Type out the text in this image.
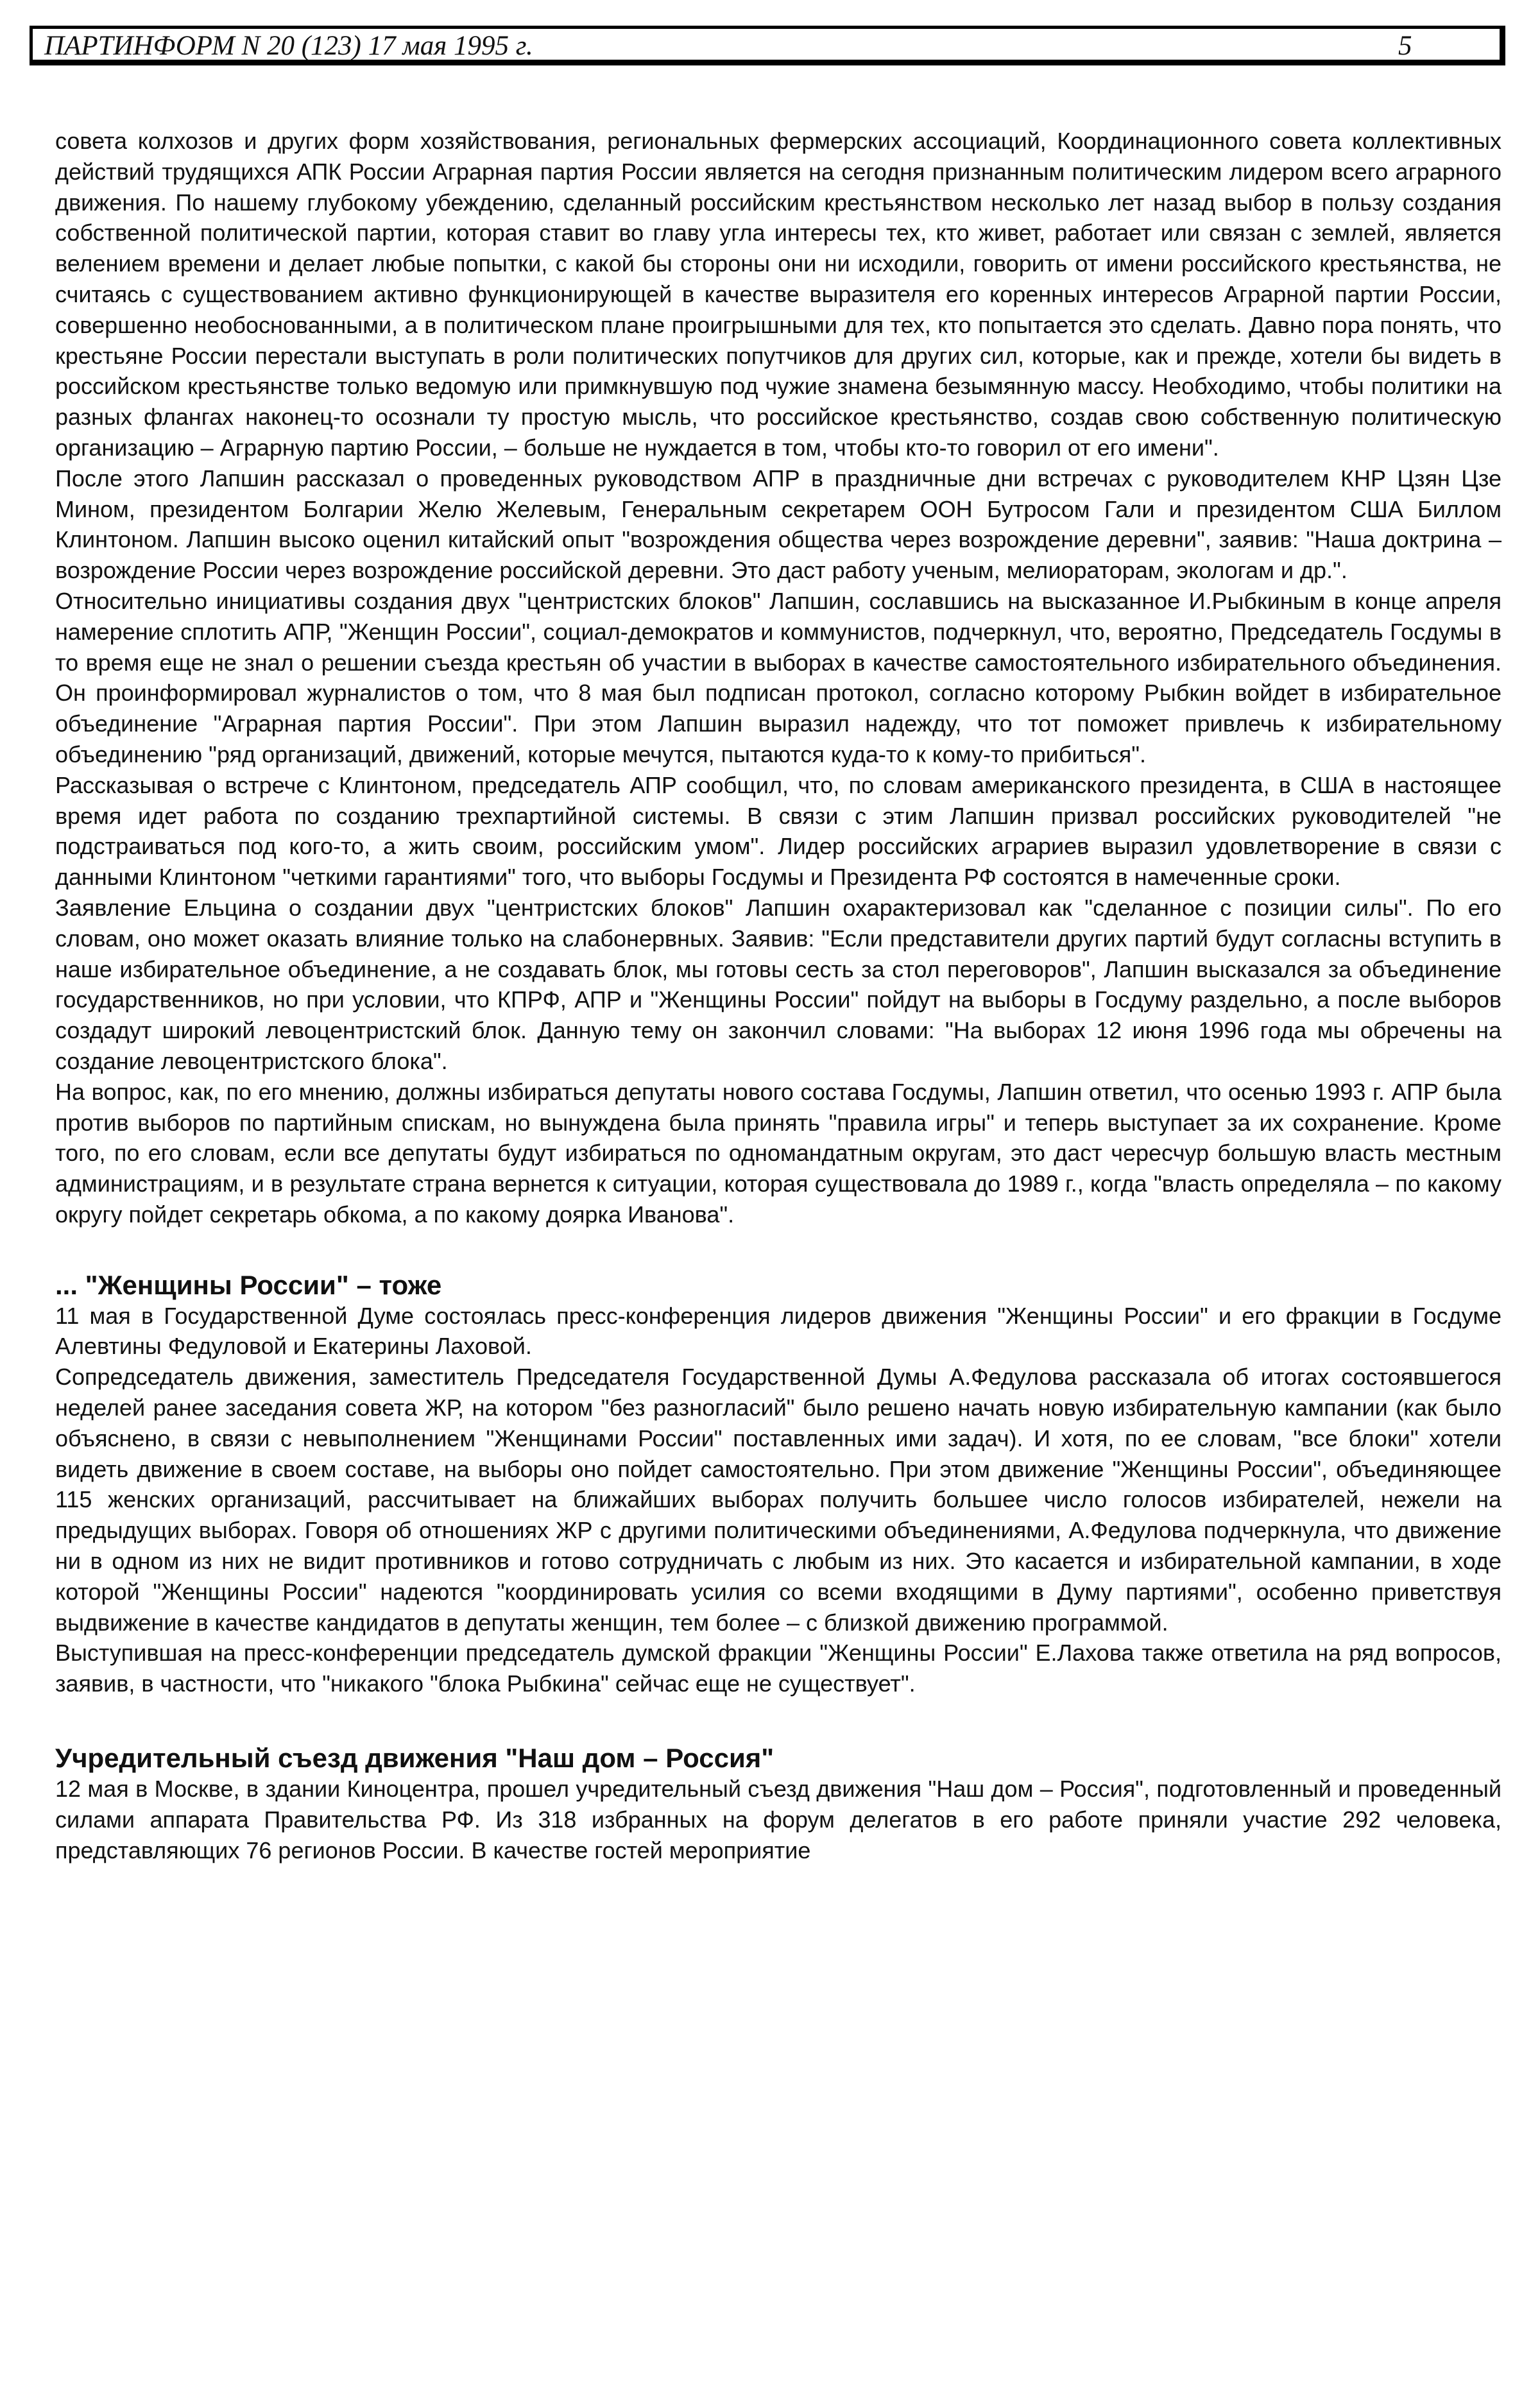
ПАРТИНФОРМ N 20 (123) 17 мая 1995 г.	5

совета колхозов и других форм хозяйствования, региональных фермерских ассоциаций, Координационного совета коллективных действий трудящихся АПК России Аграрная партия России является на сегодня признанным политическим лидером всего аграрного движения. По нашему глубокому убеждению, сделанный российским крестьянством несколько лет назад выбор в пользу создания собственной политической партии, которая ставит во главу угла интересы тех, кто живет, работает или связан с землей, является велением времени и делает любые попытки, с какой бы стороны они ни исходили, говорить от имени российского крестьянства, не считаясь с существованием активно функционирующей в качестве выразителя его коренных интересов Аграрной партии России, совершенно необоснованными, а в политическом плане проигрышными для тех, кто попытается это сделать. Давно пора понять, что крестьяне России перестали выступать в роли политических попутчиков для других сил, которые, как и прежде, хотели бы видеть в российском крестьянстве только ведомую или примкнувшую под чужие знамена безымянную массу. Необходимо, чтобы политики на разных флангах наконец-то осознали ту простую мысль, что российское крестьянство, создав свою собственную политическую организацию – Аграрную партию России, – больше не нуждается в том, чтобы кто-то говорил от его имени".

После этого Лапшин рассказал о проведенных руководством АПР в праздничные дни встречах с руководителем КНР Цзян Цзе Мином, президентом Болгарии Желю Желевым, Генеральным секретарем ООН Бутросом Гали и президентом США Биллом Клинтоном. Лапшин высоко оценил китайский опыт "возрождения общества через возрождение деревни", заявив: "Наша доктрина – возрождение России через возрождение российской деревни. Это даст работу ученым, мелиораторам, экологам и др.".

Относительно инициативы создания двух "центристских блоков" Лапшин, сославшись на высказанное И.Рыбкиным в конце апреля намерение сплотить АПР, "Женщин России", социал-демократов и коммунистов, подчеркнул, что, вероятно, Председатель Госдумы в то время еще не знал о решении съезда крестьян об участии в выборах в качестве самостоятельного избирательного объединения. Он проинформировал журналистов о том, что 8 мая был подписан протокол, согласно которому Рыбкин войдет в избирательное объединение "Аграрная партия России". При этом Лапшин выразил надежду, что тот поможет привлечь к избирательному объединению "ряд организаций, движений, которые мечутся, пытаются куда-то к кому-то прибиться".

Рассказывая о встрече с Клинтоном, председатель АПР сообщил, что, по словам американского президента, в США в настоящее время идет работа по созданию трехпартийной системы. В связи с этим Лапшин призвал российских руководителей "не подстраиваться под кого-то, а жить своим, российским умом". Лидер российских аграриев выразил удовлетворение в связи с данными Клинтоном "четкими гарантиями" того, что выборы Госдумы и Президента РФ состоятся в намеченные сроки.

Заявление Ельцина о создании двух "центристских блоков" Лапшин охарактеризовал как "сделанное с позиции силы". По его словам, оно может оказать влияние только на слабонервных. Заявив: "Если представители других партий будут согласны вступить в наше избирательное объединение, а не создавать блок, мы готовы сесть за стол переговоров", Лапшин высказался за объединение государственников, но при условии, что КПРФ, АПР и "Женщины России" пойдут на выборы в Госдуму раздельно, а после выборов создадут широкий левоцентристский блок. Данную тему он закончил словами: "На выборах 12 июня 1996 года мы обречены на создание левоцентристского блока".

На вопрос, как, по его мнению, должны избираться депутаты нового состава Госдумы, Лапшин ответил, что осенью 1993 г. АПР была против выборов по партийным спискам, но вынуждена была принять "правила игры" и теперь выступает за их сохранение. Кроме того, по его словам, если все депутаты будут избираться по одномандатным округам, это даст чересчур большую власть местным администрациям, и в результате страна вернется к ситуации, которая существовала до 1989 г., когда "власть определяла – по какому округу пойдет секретарь обкома, а по какому доярка Иванова".

... "Женщины России" – тоже

11 мая в Государственной Думе состоялась пресс-конференция лидеров движения "Женщины России" и его фракции в Госдуме Алевтины Федуловой и Екатерины Лаховой.

Сопредседатель движения, заместитель Председателя Государственной Думы А.Федулова рассказала об итогах состоявшегося неделей ранее заседания совета ЖР, на котором "без разногласий" было решено начать новую избирательную кампании (как было объяснено, в связи с невыполнением "Женщинами России" поставленных ими задач). И хотя, по ее словам, "все блоки" хотели видеть движение в своем составе, на выборы оно пойдет самостоятельно. При этом движение "Женщины России", объединяющее 115 женских организаций, рассчитывает на ближайших выборах получить большее число голосов избирателей, нежели на предыдущих выборах. Говоря об отношениях ЖР с другими политическими объединениями, А.Федулова подчеркнула, что движение ни в одном из них не видит противников и готово сотрудничать с любым из них. Это касается и избирательной кампании, в ходе которой "Женщины России" надеются "координировать усилия со всеми входящими в Думу партиями", особенно приветствуя выдвижение в качестве кандидатов в депутаты женщин, тем более – с близкой движению программой.

Выступившая на пресс-конференции председатель думской фракции "Женщины России" Е.Лахова также ответила на ряд вопросов, заявив, в частности, что "никакого "блока Рыбкина" сейчас еще не существует".

Учредительный съезд движения "Наш дом – Россия"

12 мая в Москве, в здании Киноцентра, прошел учредительный съезд движения "Наш дом – Россия", подготовленный и проведенный силами аппарата Правительства РФ. Из 318 избранных на форум делегатов в его работе приняли участие 292 человека, представляющих 76 регионов России. В качестве гостей мероприятие
